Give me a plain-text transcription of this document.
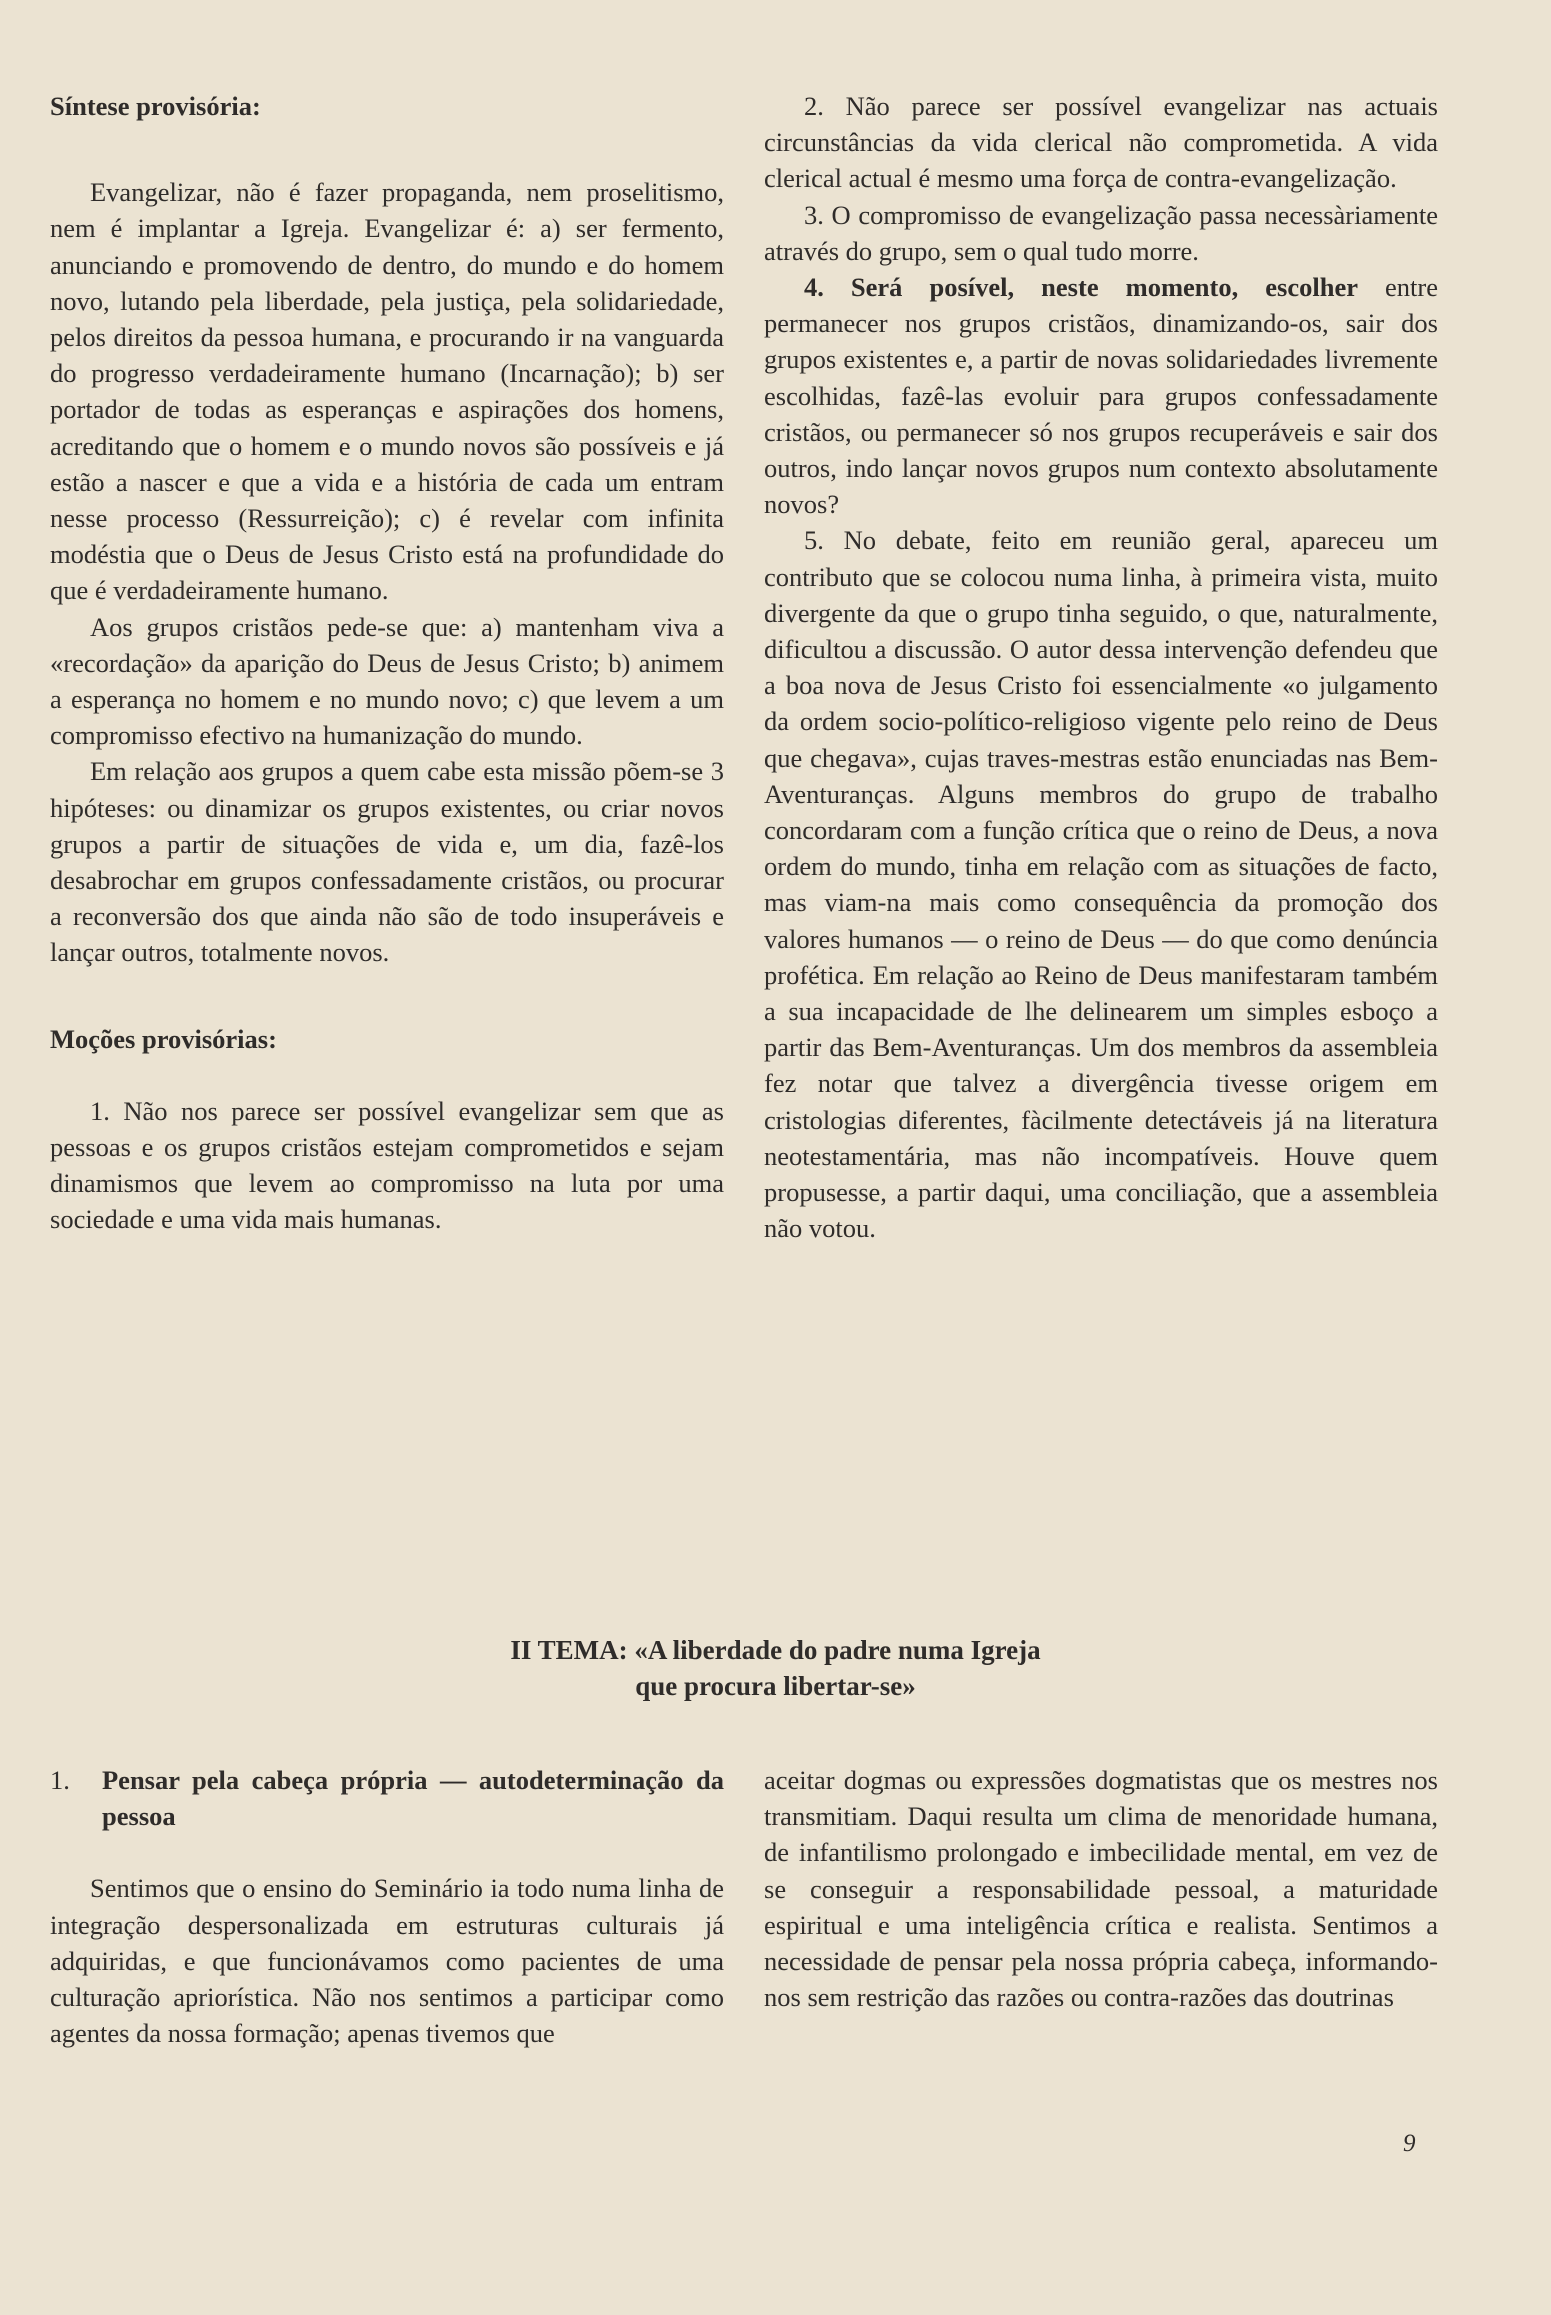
Síntese provisória:

Evangelizar, não é fazer propaganda, nem proselitismo, nem é implantar a Igreja. Evangelizar é: a) ser fermento, anunciando e promovendo de dentro, do mundo e do homem novo, lutando pela liberdade, pela justiça, pela solidariedade, pelos direitos da pessoa humana, e procurando ir na vanguarda do progresso verdadeiramente humano (Incarnação); b) ser portador de todas as esperanças e aspirações dos homens, acreditando que o homem e o mundo novos são possíveis e já estão a nascer e que a vida e a história de cada um entram nesse processo (Ressurreição); c) é revelar com infinita modéstia que o Deus de Jesus Cristo está na profundidade do que é verdadeiramente humano.

Aos grupos cristãos pede-se que: a) mantenham viva a «recordação» da aparição do Deus de Jesus Cristo; b) animem a esperança no homem e no mundo novo; c) que levem a um compromisso efectivo na humanização do mundo.

Em relação aos grupos a quem cabe esta missão põem-se 3 hipóteses: ou dinamizar os grupos existentes, ou criar novos grupos a partir de situações de vida e, um dia, fazê-los desabrochar em grupos confessadamente cristãos, ou procurar a reconversão dos que ainda não são de todo insuperáveis e lançar outros, totalmente novos.

Moções provisórias:

1. Não nos parece ser possível evangelizar sem que as pessoas e os grupos cristãos estejam comprometidos e sejam dinamismos que levem ao compromisso na luta por uma sociedade e uma vida mais humanas.

2. Não parece ser possível evangelizar nas actuais circunstâncias da vida clerical não comprometida. A vida clerical actual é mesmo uma força de contra-evangelização.

3. O compromisso de evangelização passa necessàriamente através do grupo, sem o qual tudo morre.

4. Será posível, neste momento, escolher entre permanecer nos grupos cristãos, dinamizando-os, sair dos grupos existentes e, a partir de novas solidariedades livremente escolhidas, fazê-las evoluir para grupos confessadamente cristãos, ou permanecer só nos grupos recuperáveis e sair dos outros, indo lançar novos grupos num contexto absolutamente novos?

5. No debate, feito em reunião geral, apareceu um contributo que se colocou numa linha, à primeira vista, muito divergente da que o grupo tinha seguido, o que, naturalmente, dificultou a discussão. O autor dessa intervenção defendeu que a boa nova de Jesus Cristo foi essencialmente «o julgamento da ordem socio-político-religioso vigente pelo reino de Deus que chegava», cujas traves-mestras estão enunciadas nas Bem-Aventuranças. Alguns membros do grupo de trabalho concordaram com a função crítica que o reino de Deus, a nova ordem do mundo, tinha em relação com as situações de facto, mas viam-na mais como consequência da promoção dos valores humanos — o reino de Deus — do que como denúncia profética. Em relação ao Reino de Deus manifestaram também a sua incapacidade de lhe delinearem um simples esboço a partir das Bem-Aventuranças. Um dos membros da assembleia fez notar que talvez a divergência tivesse origem em cristologias diferentes, fàcilmente detectáveis já na literatura neotestamentária, mas não incompatíveis. Houve quem propusesse, a partir daqui, uma conciliação, que a assembleia não votou.

II TEMA: «A liberdade do padre numa Igreja
que procura libertar-se»

1.	Pensar pela cabeça própria — autodeterminação da pessoa

Sentimos que o ensino do Seminário ia todo numa linha de integração despersonalizada em estruturas culturais já adquiridas, e que funcionávamos como pacientes de uma culturação apriorística. Não nos sentimos a participar como agentes da nossa formação; apenas tivemos que

aceitar dogmas ou expressões dogmatistas que os mestres nos transmitiam. Daqui resulta um clima de menoridade humana, de infantilismo prolongado e imbecilidade mental, em vez de se conseguir a responsabilidade pessoal, a maturidade espiritual e uma inteligência crítica e realista. Sentimos a necessidade de pensar pela nossa própria cabeça, informando-nos sem restrição das razões ou contra-razões das doutrinas

9
